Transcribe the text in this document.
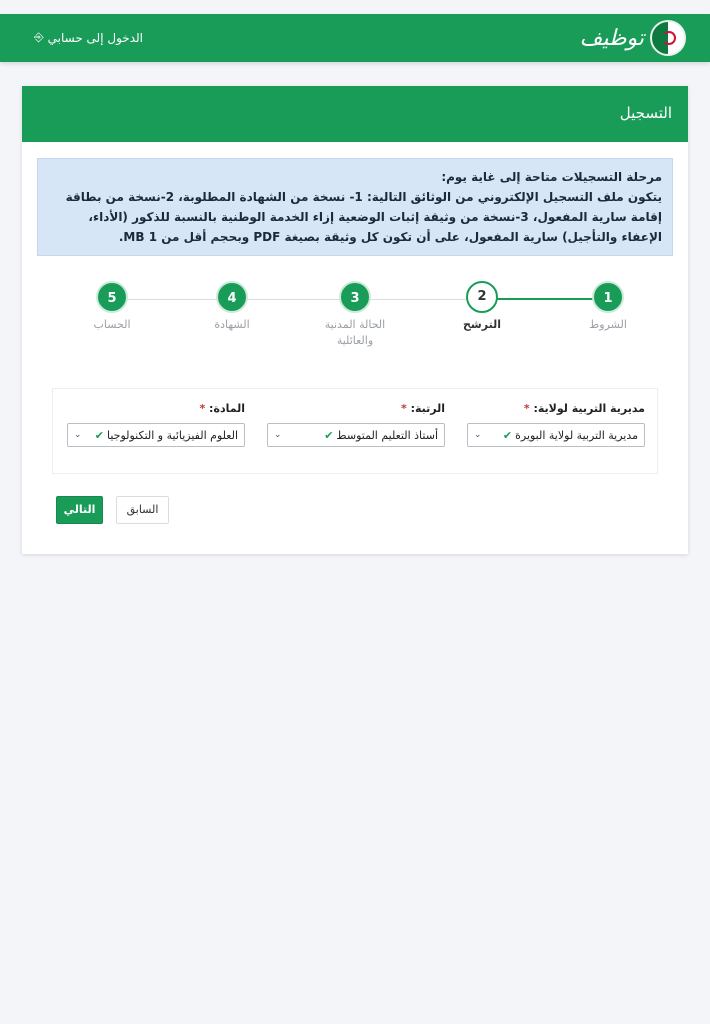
الدخول إلى حسابي
⎆	توظيف
التسجيل
مرحلة التسجيلات متاحة إلى غاية يوم:
يتكون ملف التسجيل الإلكتروني من الوثائق التالية: 1- نسخة من الشهادة المطلوبة، 2-نسخة من بطاقة إقامة سارية المفعول، 3-نسخة من وثيقة إثبات الوضعية إزاء الخدمة الوطنية بالنسبة للذكور (الأداء، الإعفاء والتأجيل) سارية المفعول، على أن تكون كل وثيقة بصيغة PDF وبحجم أقل من 1 MB.
5
الحساب
4
الشهادة
3
الحالة المدنية والعائلية
2
الترشح
1
الشروط
مديرية التربية لولاية: *
مديرية التربية لولاية البويرة
✔
⌄
الرتبة: *
أستاذ التعليم المتوسط
✔
⌄
المادة: *
العلوم الفيزيائية و التكنولوجيا
✔
⌄
التالي	السابق
